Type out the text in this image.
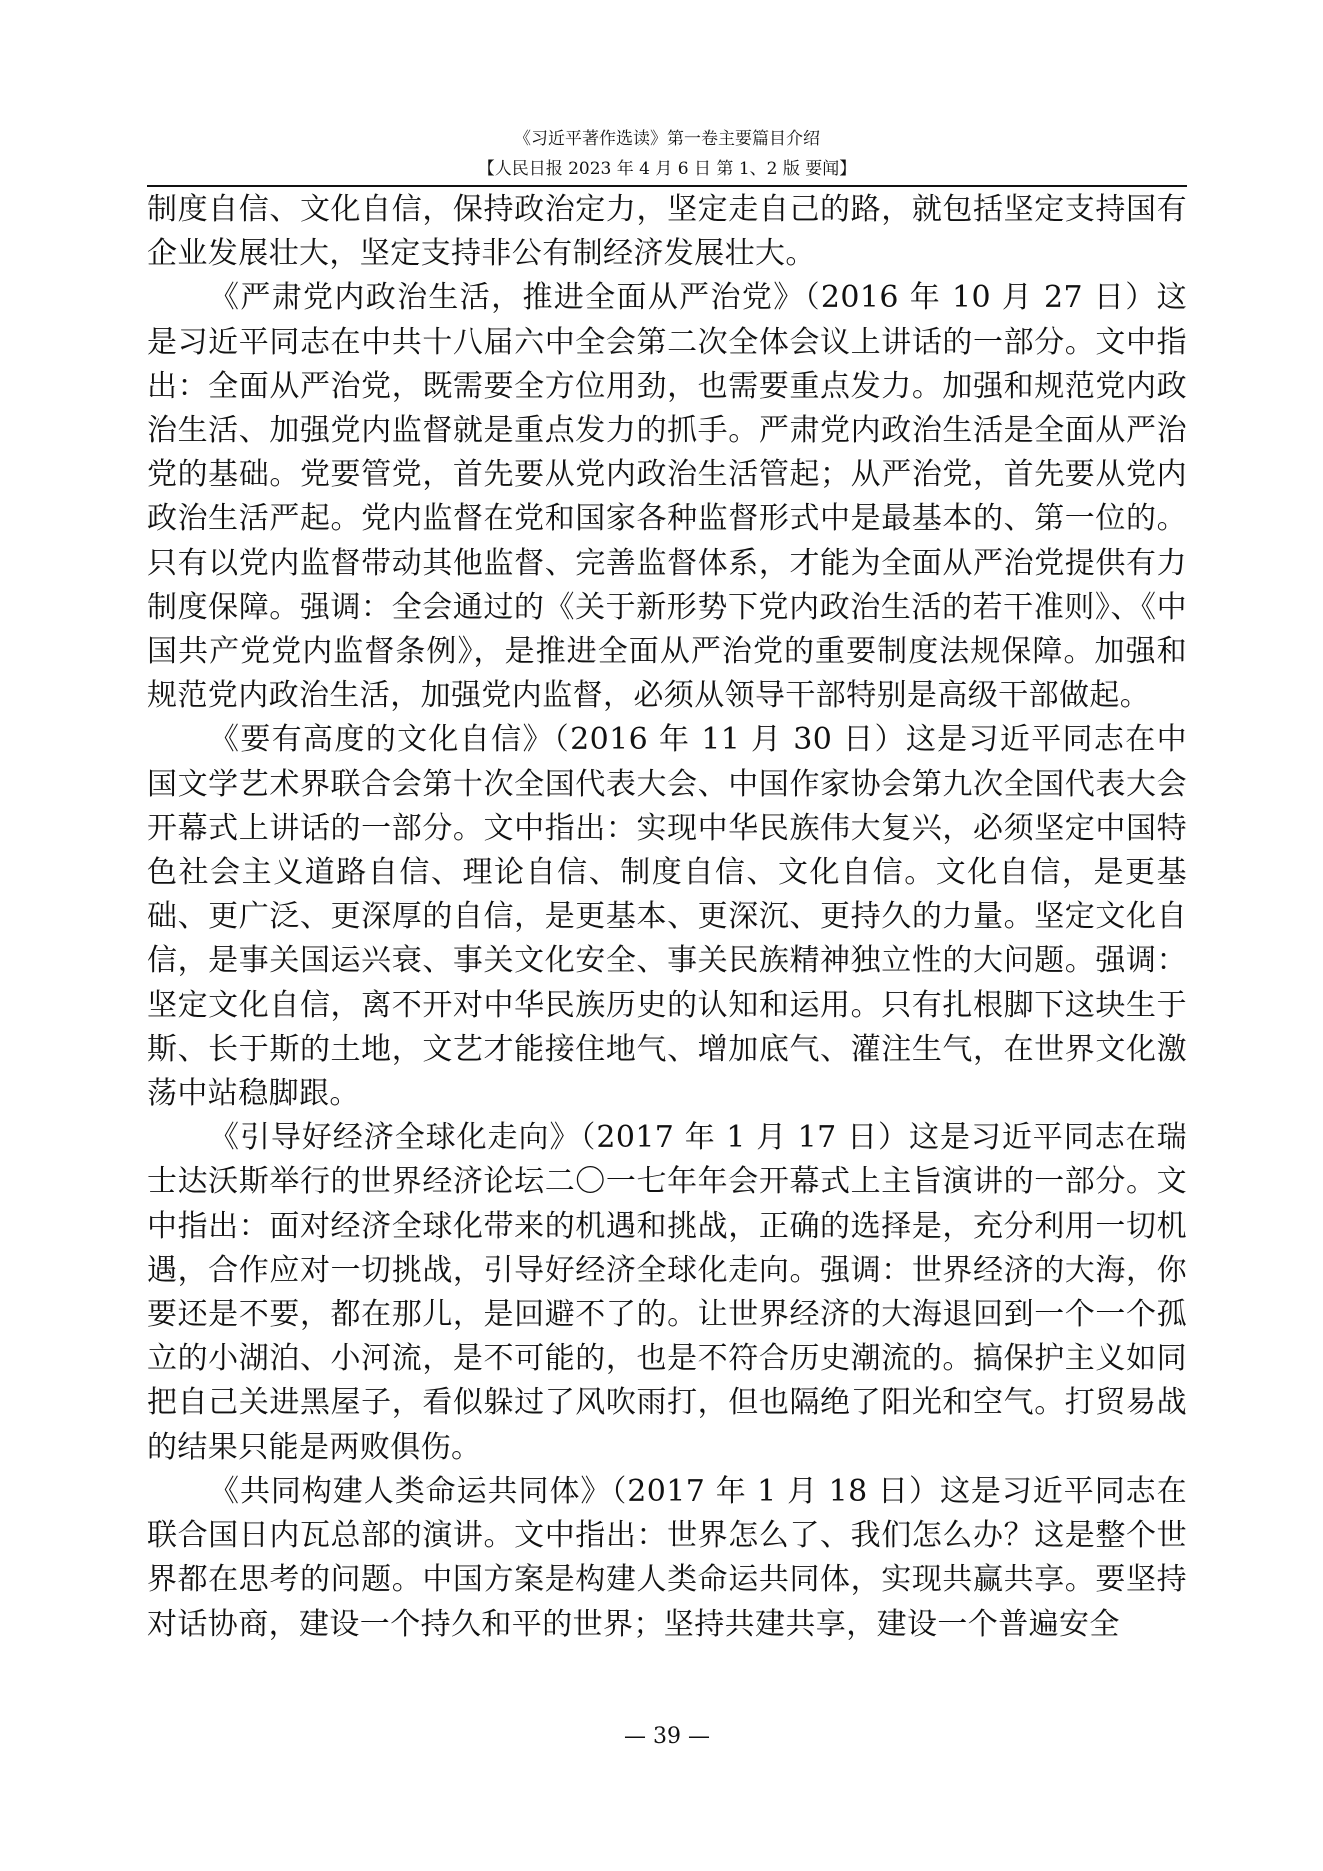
《习近平著作选读》第一卷主要篇目介绍
【人民日报 2023 年 4 月 6 日 第 1、2 版 要闻】

制度自信、文化自信，保持政治定力，坚定走自己的路，就包括坚定支持国有企业发展壮大，坚定支持非公有制经济发展壮大。

《严肃党内政治生活，推进全面从严治党》（2016 年 10 月 27 日）这是习近平同志在中共十八届六中全会第二次全体会议上讲话的一部分。文中指出：全面从严治党，既需要全方位用劲，也需要重点发力。加强和规范党内政治生活、加强党内监督就是重点发力的抓手。严肃党内政治生活是全面从严治党的基础。党要管党，首先要从党内政治生活管起；从严治党，首先要从党内政治生活严起。党内监督在党和国家各种监督形式中是最基本的、第一位的。只有以党内监督带动其他监督、完善监督体系，才能为全面从严治党提供有力制度保障。强调：全会通过的《关于新形势下党内政治生活的若干准则》、《中国共产党党内监督条例》，是推进全面从严治党的重要制度法规保障。加强和规范党内政治生活，加强党内监督，必须从领导干部特别是高级干部做起。

《要有高度的文化自信》（2016 年 11 月 30 日）这是习近平同志在中国文学艺术界联合会第十次全国代表大会、中国作家协会第九次全国代表大会开幕式上讲话的一部分。文中指出：实现中华民族伟大复兴，必须坚定中国特色社会主义道路自信、理论自信、制度自信、文化自信。文化自信，是更基础、更广泛、更深厚的自信，是更基本、更深沉、更持久的力量。坚定文化自信，是事关国运兴衰、事关文化安全、事关民族精神独立性的大问题。强调：坚定文化自信，离不开对中华民族历史的认知和运用。只有扎根脚下这块生于斯、长于斯的土地，文艺才能接住地气、增加底气、灌注生气，在世界文化激荡中站稳脚跟。

《引导好经济全球化走向》（2017 年 1 月 17 日）这是习近平同志在瑞士达沃斯举行的世界经济论坛二〇一七年年会开幕式上主旨演讲的一部分。文中指出：面对经济全球化带来的机遇和挑战，正确的选择是，充分利用一切机遇，合作应对一切挑战，引导好经济全球化走向。强调：世界经济的大海，你要还是不要，都在那儿，是回避不了的。让世界经济的大海退回到一个一个孤立的小湖泊、小河流，是不可能的，也是不符合历史潮流的。搞保护主义如同把自己关进黑屋子，看似躲过了风吹雨打，但也隔绝了阳光和空气。打贸易战的结果只能是两败俱伤。

《共同构建人类命运共同体》（2017 年 1 月 18 日）这是习近平同志在联合国日内瓦总部的演讲。文中指出：世界怎么了、我们怎么办？这是整个世界都在思考的问题。中国方案是构建人类命运共同体，实现共赢共享。要坚持对话协商，建设一个持久和平的世界；坚持共建共享，建设一个普遍安全

— 39 —
